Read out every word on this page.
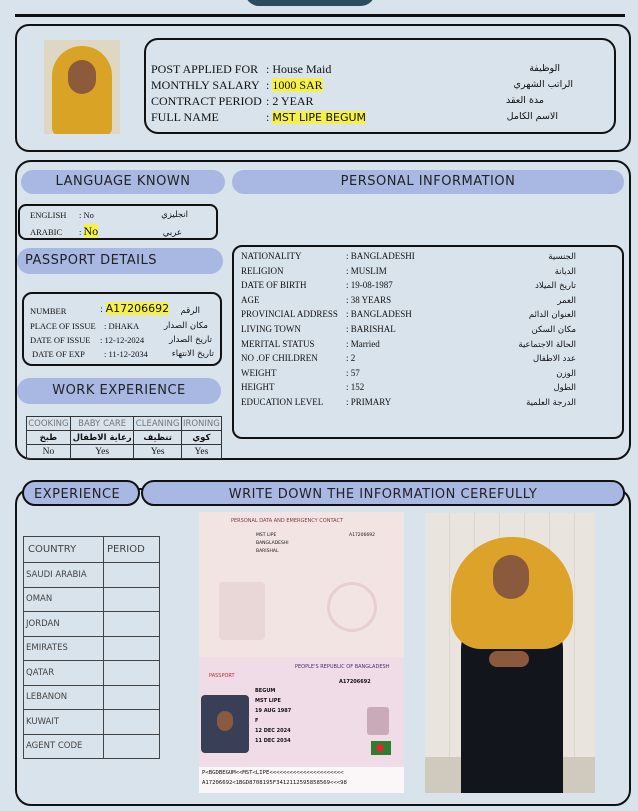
POST APPLIED FOR : House Maid	الوظيفة
MONTHLY SALARY : 1000 SAR	الراتب الشهري
CONTRACT PERIOD : 2 YEAR	مدة العقد
FULL NAME	: MST LIPE BEGUM	الاسم الكامل
LANGUAGE KNOWN	PERSONAL INFORMATION
ENGLISH : No	انجليزي
ARABIC : No	عربي
PASSPORT DETAILS
NUMBER	: A17206692	الرقم
PLACE OF ISSUE : DHAKA	مكان الصدار
DATE OF ISSUE : 12-12-2024	تاريخ الصدار
DATE OF EXP : 11-12-2034	تاريخ الانتهاء
WORK EXPERIENCE
COOKING	BABY CARE	CLEANING	IRONING
طبخ	رعاية الاطفال	تنظيف	كوي
No	Yes	Yes	Yes
NATIONALITY	: BANGLADESHI	الجنسية
RELIGION	: MUSLIM	الديانة
DATE OF BIRTH	: 19-08-1987	تاريخ الميلاد
AGE	: 38 YEARS	العمر
PROVINCIAL ADDRESS : BANGLADESH	العنوان الدائم
LIVING TOWN	: BARISHAL	مكان السكن
MERITAL STATUS	: Married	الحالة الاجتماعية
NO .OF CHILDREN	: 2	عدد الاطفال
WEIGHT	: 57	الوزن
HEIGHT	: 152	الطول
EDUCATION LEVEL	: PRIMARY	الدرجة العلمية
EXPERIENCE	WRITE DOWN THE INFORMATION CEREFULLY
COUNTRY	PERIOD
SAUDI ARABIA	
OMAN	
JORDAN	
EMIRATES	
QATAR	
LEBANON	
KUWAIT	
AGENT CODE	
PERSONAL DATA AND EMERGENCY CONTACT
MST LIPE
BANGLADESHI
BARISHAL
A17206692
PEOPLE'S REPUBLIC OF BANGLADESH
PASSPORT
BEGUM
MST LIPE
19 AUG 1987
F
12 DEC 2024
11 DEC 2034
A17206692
P<BGDBEGUM<<MST<LIPE<<<<<<<<<<<<<<<<<<<<<<
A17206692<1BGD8708195F3412112595858569<<<98
